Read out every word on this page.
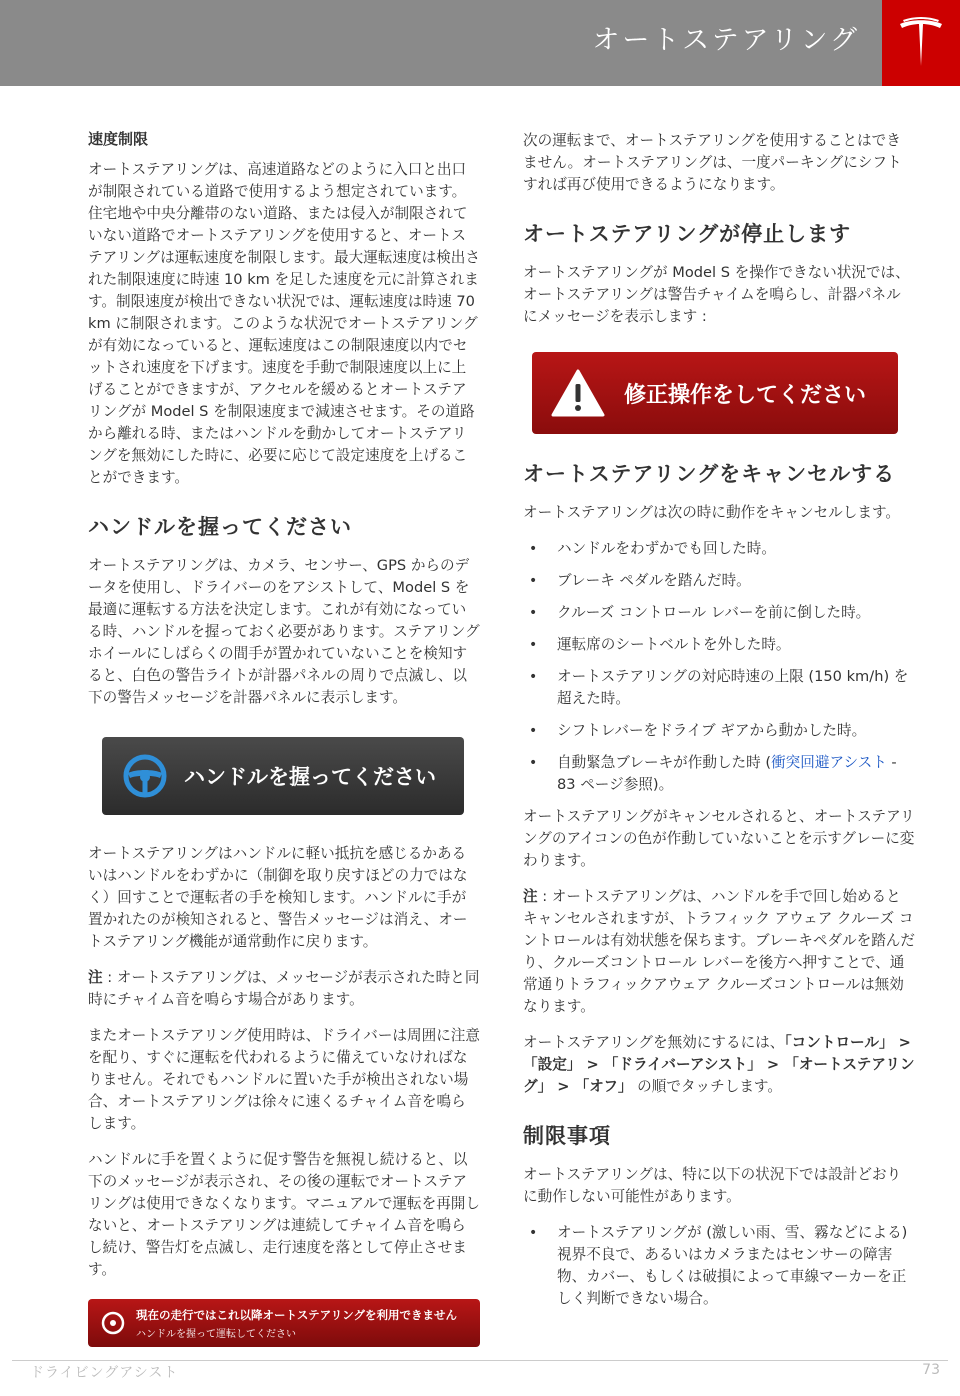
オートステアリング
速度制限

オートステアリングは、高速道路などのように入口と出口が制限されている道路で使用するよう想定されています。住宅地や中央分離帯のない道路、または侵入が制限されていない道路でオートステアリングを使用すると、オートステアリングは運転速度を制限します。最大運転速度は検出された制限速度に時速 10 km を足した速度を元に計算されます。制限速度が検出できない状況では、運転速度は時速 70 km に制限されます。このような状況でオートステアリングが有効になっていると、運転速度はこの制限速度以内でセットされ速度を下げます。速度を手動で制限速度以上に上げることができますが、アクセルを緩めるとオートステアリングが Model S を制限速度まで減速させます。その道路から離れる時、またはハンドルを動かしてオートステアリングを無効にした時に、必要に応じて設定速度を上げることができます。

ハンドルを握ってください

オートステアリングは、カメラ、センサー、GPS からのデータを使用し、ドライバーのをアシストして、Model S を最適に運転する方法を決定します。これが有効になっている時、ハンドルを握っておく必要があります。ステアリングホイールにしばらくの間手が置かれていないことを検知すると、白色の警告ライトが計器パネルの周りで点滅し、以下の警告メッセージを計器パネルに表示します。

ハンドルを握ってください

オートステアリングはハンドルに軽い抵抗を感じるかあるいはハンドルをわずかに（制御を取り戻すほどの力ではなく）回すことで運転者の手を検知します。ハンドルに手が置かれたのが検知されると、警告メッセージは消え、オートステアリング機能が通常動作に戻ります。

注 : オートステアリングは、メッセージが表示された時と同時にチャイム音を鳴らす場合があります。

またオートステアリング使用時は、ドライバーは周囲に注意を配り、すぐに運転を代われるように備えていなければなりません。それでもハンドルに置いた手が検出されない場合、オートステアリングは徐々に速くるチャイム音を鳴らします。

ハンドルに手を置くように促す警告を無視し続けると、以下のメッセージが表示され、その後の運転でオートステアリングは使用できなくなります。マニュアルで運転を再開しないと、オートステアリングは連続してチャイム音を鳴らし続け、警告灯を点滅し、走行速度を落として停止させます。

現在の走行ではこれ以降オートステアリングを利用できません
ハンドルを握って運転してください

次の運転まで、オートステアリングを使用することはできません。オートステアリングは、一度パーキングにシフトすれば再び使用できるようになります。

オートステアリングが停止します

オートステアリングが Model S を操作できない状況では、オートステアリングは警告チャイムを鳴らし、計器パネルにメッセージを表示します :

修正操作をしてください
オートステアリングをキャンセルする

オートステアリングは次の時に動作をキャンセルします。

• ハンドルをわずかでも回した時。
• ブレーキ ペダルを踏んだ時。
• クルーズ コントロール レバーを前に倒した時。
• 運転席のシートベルトを外した時。
• オートステアリングの対応時速の上限 (150 km/h) を超えた時。
• シフトレバーをドライブ ギアから動かした時。
• 自動緊急ブレーキが作動した時 (衝突回避アシスト - 83 ページ参照)。

オートステアリングがキャンセルされると、オートステアリングのアイコンの色が作動していないことを示すグレーに変わります。

注 : オートステアリングは、ハンドルを手で回し始めるとキャンセルされますが、トラフィック アウェア クルーズ コントロールは有効状態を保ちます。ブレーキペダルを踏んだり、クルーズコントロール レバーを後方へ押すことで、通常通りトラフィックアウェア クルーズコントロールは無効なります。

オートステアリングを無効にするには、「コントロール」 > 「設定」 > 「ドライバーアシスト」 > 「オートステアリング」 > 「オフ」 の順でタッチします。

制限事項

オートステアリングは、特に以下の状況下では設計どおりに動作しない可能性があります。

• オートステアリングが (激しい雨、雪、霧などによる) 視界不良で、あるいはカメラまたはセンサーの障害物、カバー、もしくは破損によって車線マーカーを正しく判断できない場合。
ドライビングアシスト	73
